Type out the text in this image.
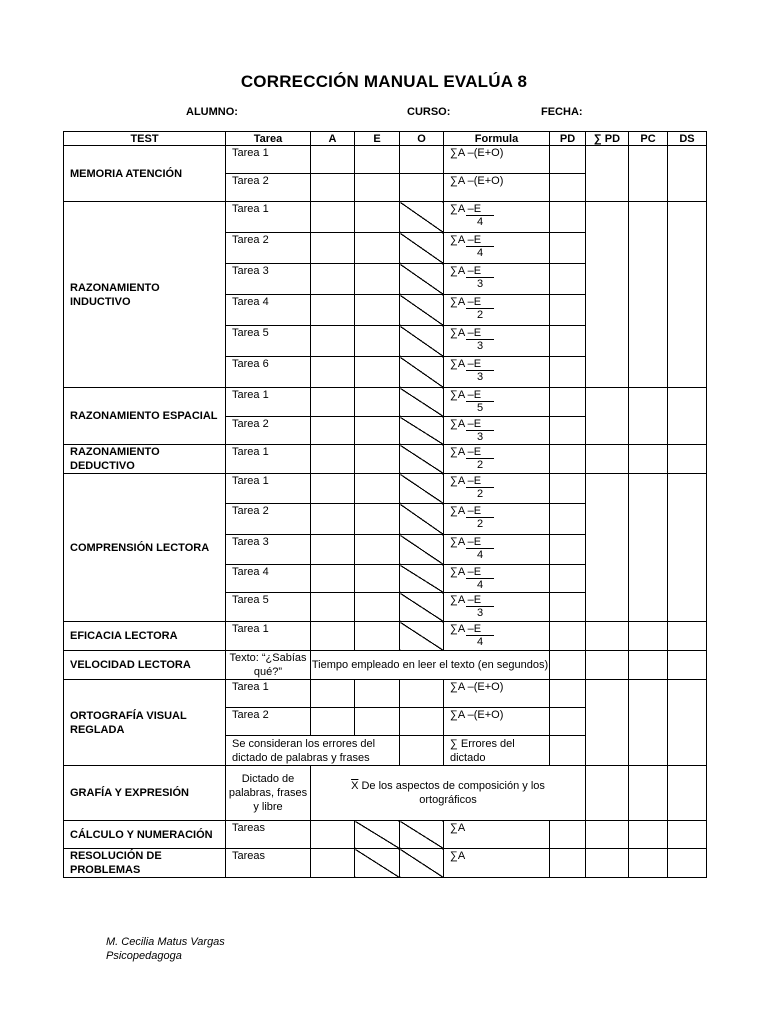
CORRECCIÓN MANUAL EVALÚA 8
ALUMNO:	CURSO:	FECHA:
TEST	Tarea	A	E	O	Formula	PD	∑ PD	PC	DS
MEMORIA ATENCIÓN	Tarea 1				∑A –(E+O)				
	Tarea 2				∑A –(E+O)				
RAZONAMIENTO INDUCTIVO	Tarea 1				$\frac{\sum A -E}{4}$

	Tarea 2				$\frac{\sum A -E}{4}$

	Tarea 3				$\frac{\sum A -E}{3}$

	Tarea 4				$\frac{\sum A -E}{2}$

	Tarea 5				$\frac{\sum A -E}{3}$

	Tarea 6				$\frac{\sum A -E}{3}$

RAZONAMIENTO ESPACIAL	Tarea 1				$\frac{\sum A -E}{5}$

	Tarea 2				$\frac{\sum A -E}{3}$

RAZONAMIENTO DEDUCTIVO	Tarea 1				$\frac{\sum A -E}{2}$

COMPRENSIÓN LECTORA	Tarea 1				$\frac{\sum A -E}{2}$

	Tarea 2				$\frac{\sum A -E}{2}$

	Tarea 3				$\frac{\sum A -E}{4}$

	Tarea 4				$\frac{\sum A -E}{4}$

	Tarea 5				$\frac{\sum A -E}{3}$

EFICACIA LECTORA	Tarea 1				$\frac{\sum A -E}{4}$

VELOCIDAD LECTORA	Texto: “¿Sabías qué?”	Tiempo empleado en leer el texto (en segundos)							
ORTOGRAFÍA VISUAL REGLADA	Tarea 1				∑A –(E+O)				
	Tarea 2				∑A –(E+O)				
	Se consideran los errores del dictado de palabras y frases				∑ Errores del dictado				
GRAFÍA Y EXPRESIÓN	Dictado de palabras, frases y libre	$\overline{X}$ De los aspectos de composición y los ortográficos							
CÁLCULO Y NUMERACIÓN	Tareas				∑A				
RESOLUCIÓN DE PROBLEMAS	Tareas				∑A				
M. Cecilia Matus Vargas
Psicopedagoga
